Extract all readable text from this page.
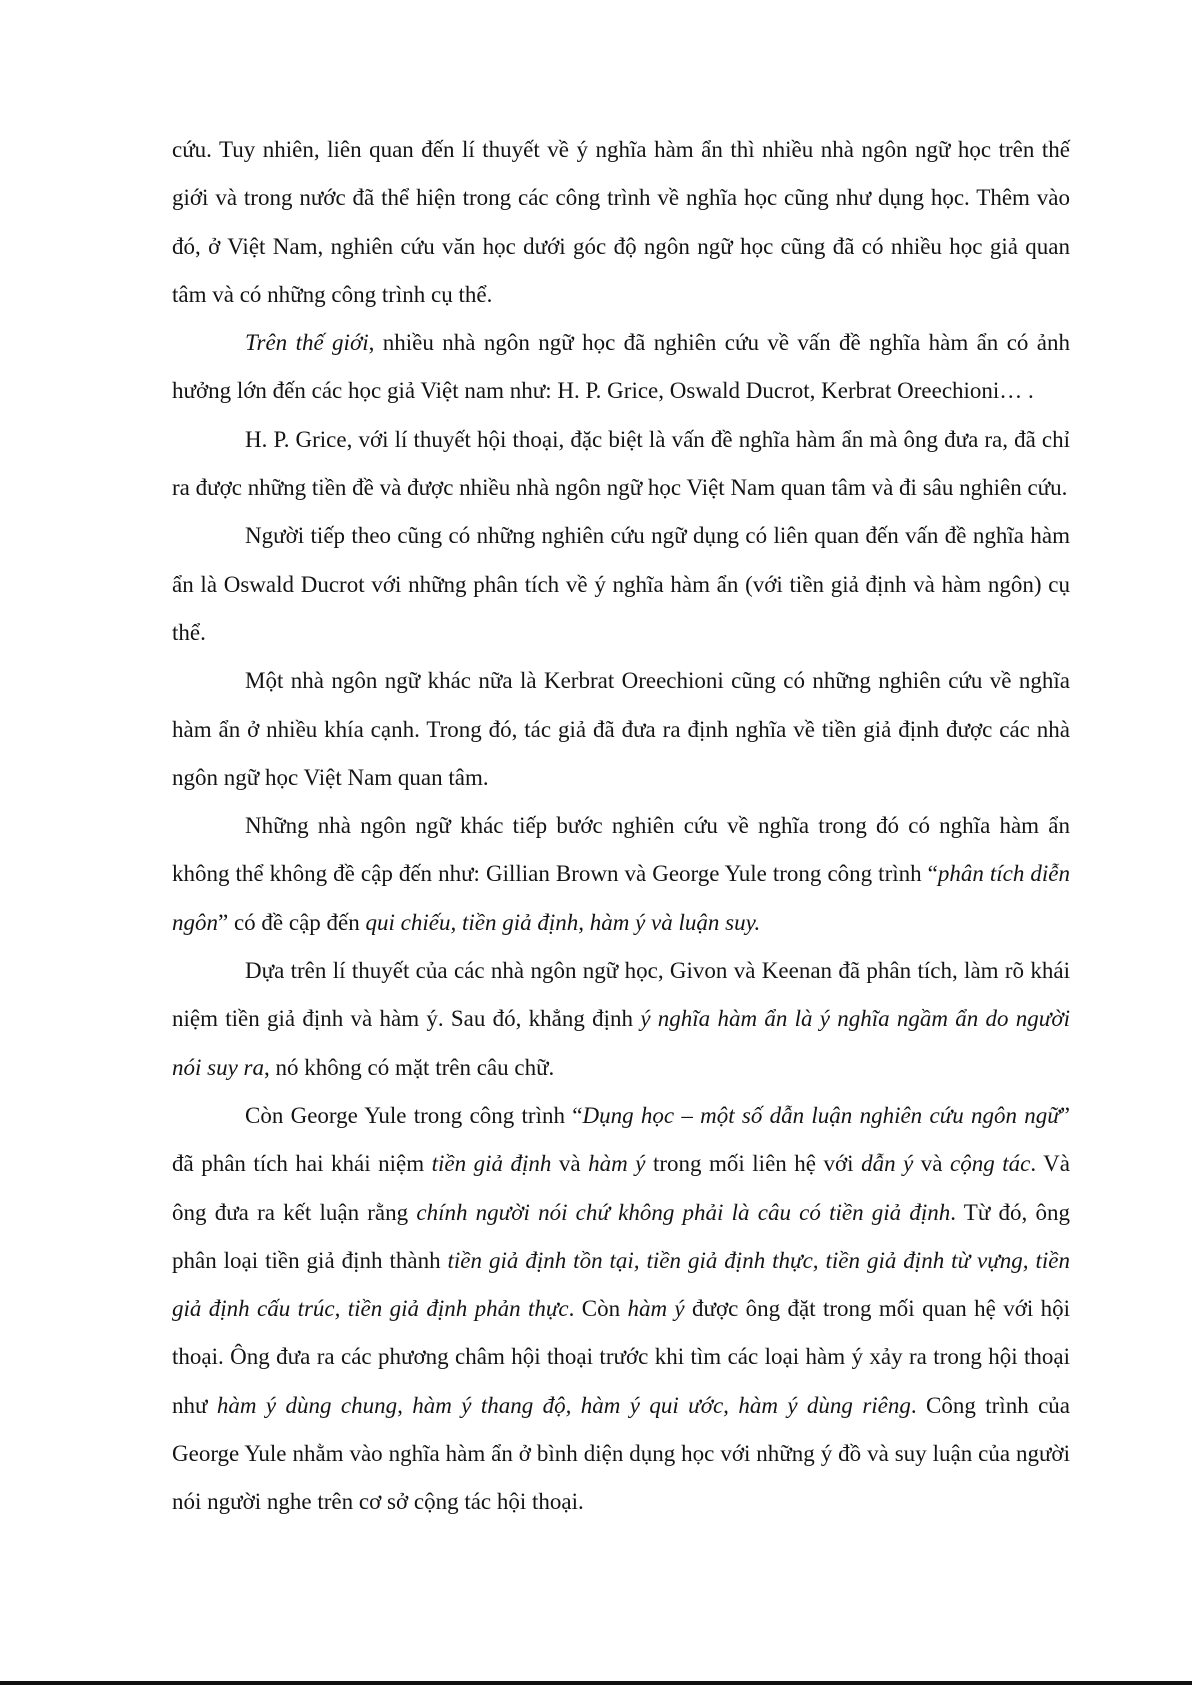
cứu. Tuy nhiên, liên quan đến lí thuyết về ý nghĩa hàm ẩn thì nhiều nhà ngôn ngữ học trên thế giới và trong nước đã thể hiện trong các công trình về nghĩa học cũng như dụng học. Thêm vào đó, ở Việt Nam, nghiên cứu văn học dưới góc độ ngôn ngữ học cũng đã có nhiều học giả quan tâm và có những công trình cụ thể.

Trên thế giới, nhiều nhà ngôn ngữ học đã nghiên cứu về vấn đề nghĩa hàm ẩn có ảnh hưởng lớn đến các học giả Việt nam như: H. P. Grice, Oswald Ducrot, Kerbrat Oreechioni… .

H. P. Grice, với lí thuyết hội thoại, đặc biệt là vấn đề nghĩa hàm ẩn mà ông đưa ra, đã chỉ ra được những tiền đề và được nhiều nhà ngôn ngữ học Việt Nam quan tâm và đi sâu nghiên cứu.

Người tiếp theo cũng có những nghiên cứu ngữ dụng có liên quan đến vấn đề nghĩa hàm ẩn là Oswald Ducrot với những phân tích về ý nghĩa hàm ẩn (với tiền giả định và hàm ngôn) cụ thể.

Một nhà ngôn ngữ khác nữa là Kerbrat Oreechioni cũng có những nghiên cứu về nghĩa hàm ẩn ở nhiều khía cạnh. Trong đó, tác giả đã đưa ra định nghĩa về tiền giả định được các nhà ngôn ngữ học Việt Nam quan tâm.

Những nhà ngôn ngữ khác tiếp bước nghiên cứu về nghĩa trong đó có nghĩa hàm ẩn không thể không đề cập đến như: Gillian Brown và George Yule trong công trình “phân tích diễn ngôn” có đề cập đến qui chiếu, tiền giả định, hàm ý và luận suy.

Dựa trên lí thuyết của các nhà ngôn ngữ học, Givon và Keenan đã phân tích, làm rõ khái niệm tiền giả định và hàm ý. Sau đó, khẳng định ý nghĩa hàm ẩn là ý nghĩa ngầm ẩn do người nói suy ra, nó không có mặt trên câu chữ.

Còn George Yule trong công trình “Dụng học – một số dẫn luận nghiên cứu ngôn ngữ” đã phân tích hai khái niệm tiền giả định và hàm ý trong mối liên hệ với dẫn ý và cộng tác. Và ông đưa ra kết luận rằng chính người nói chứ không phải là câu có tiền giả định. Từ đó, ông phân loại tiền giả định thành tiền giả định tồn tại, tiền giả định thực, tiền giả định từ vựng, tiền giả định cấu trúc, tiền giả định phản thực. Còn hàm ý được ông đặt trong mối quan hệ với hội thoại. Ông đưa ra các phương châm hội thoại trước khi tìm các loại hàm ý xảy ra trong hội thoại như hàm ý dùng chung, hàm ý thang độ, hàm ý qui ước, hàm ý dùng riêng. Công trình của George Yule nhằm vào nghĩa hàm ẩn ở bình diện dụng học với những ý đồ và suy luận của người nói người nghe trên cơ sở cộng tác hội thoại.
